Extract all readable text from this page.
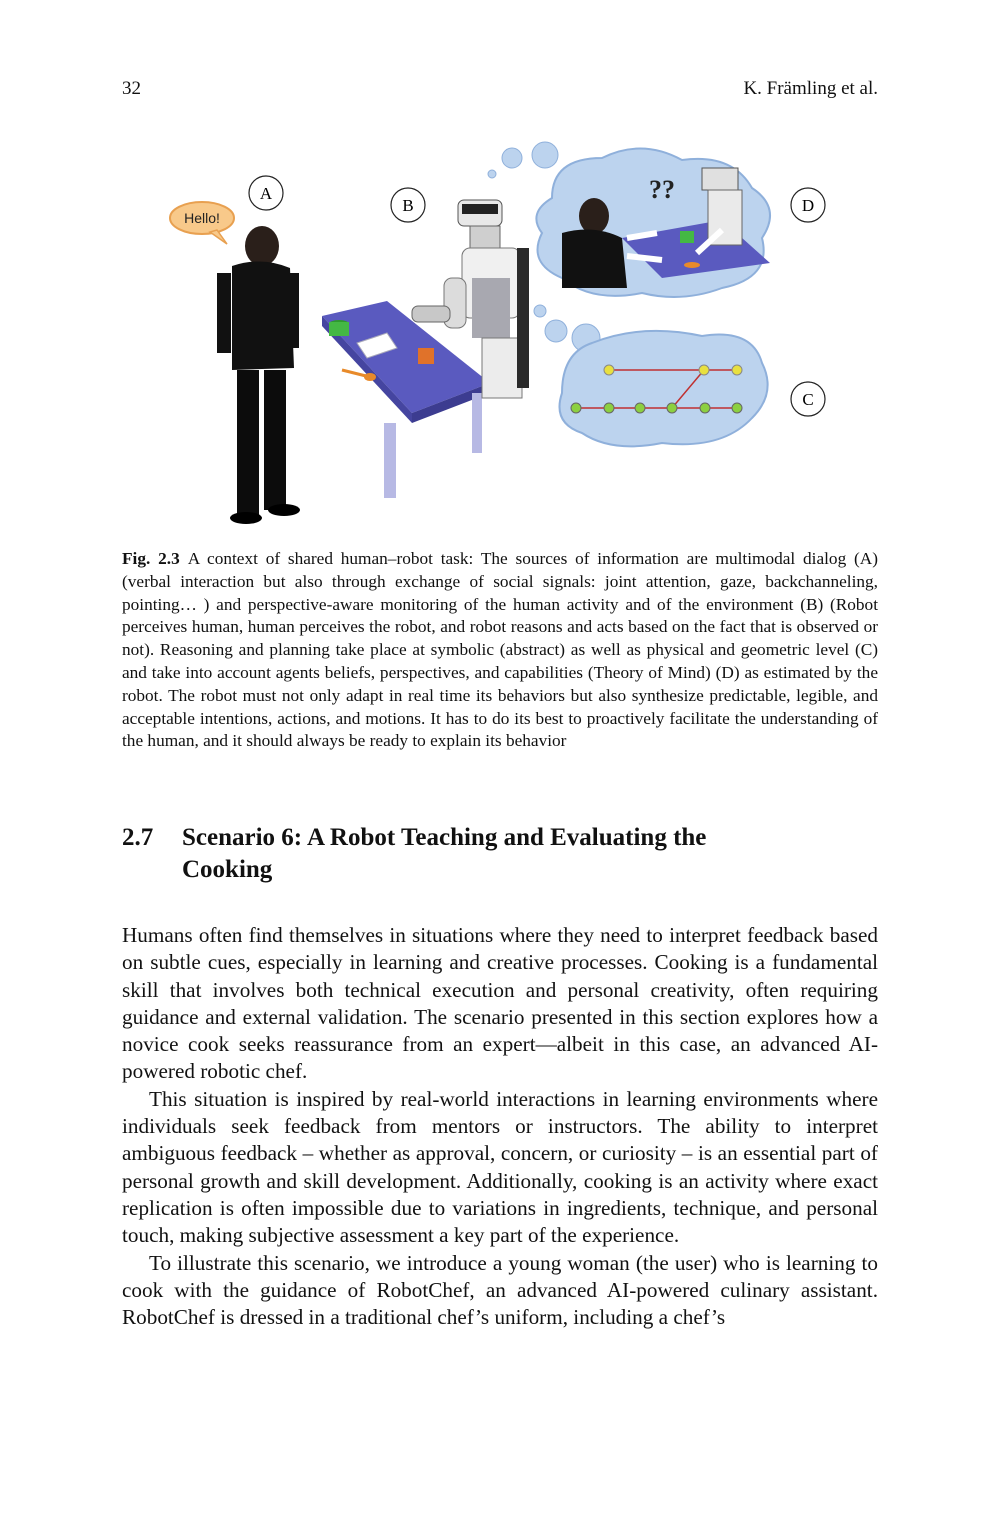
32	K. Främling et al.
Hello!
A
B	D
C
??
Fig. 2.3 A context of shared human–robot task: The sources of information are multimodal dialog (A) (verbal interaction but also through exchange of social signals: joint attention, gaze, backchanneling, pointing… ) and perspective-aware monitoring of the human activity and of the environment (B) (Robot perceives human, human perceives the robot, and robot reasons and acts based on the fact that is observed or not). Reasoning and planning take place at symbolic (abstract) as well as physical and geometric level (C) and take into account agents beliefs, perspectives, and capabilities (Theory of Mind) (D) as estimated by the robot. The robot must not only adapt in real time its behaviors but also synthesize predictable, legible, and acceptable intentions, actions, and motions. It has to do its best to proactively facilitate the understanding of the human, and it should always be ready to explain its behavior
2.7	Scenario 6: A Robot Teaching and Evaluating the Cooking

Humans often find themselves in situations where they need to interpret feedback based on subtle cues, especially in learning and creative processes. Cooking is a fundamental skill that involves both technical execution and personal creativity, often requiring guidance and external validation. The scenario presented in this section explores how a novice cook seeks reassurance from an expert—albeit in this case, an advanced AI-powered robotic chef.

This situation is inspired by real-world interactions in learning environments where individuals seek feedback from mentors or instructors. The ability to interpret ambiguous feedback – whether as approval, concern, or curiosity – is an essential part of personal growth and skill development. Additionally, cooking is an activity where exact replication is often impossible due to variations in ingredients, technique, and personal touch, making subjective assessment a key part of the experience.

To illustrate this scenario, we introduce a young woman (the user) who is learning to cook with the guidance of RobotChef, an advanced AI-powered culinary assistant. RobotChef is dressed in a traditional chef’s uniform, including a chef’s
